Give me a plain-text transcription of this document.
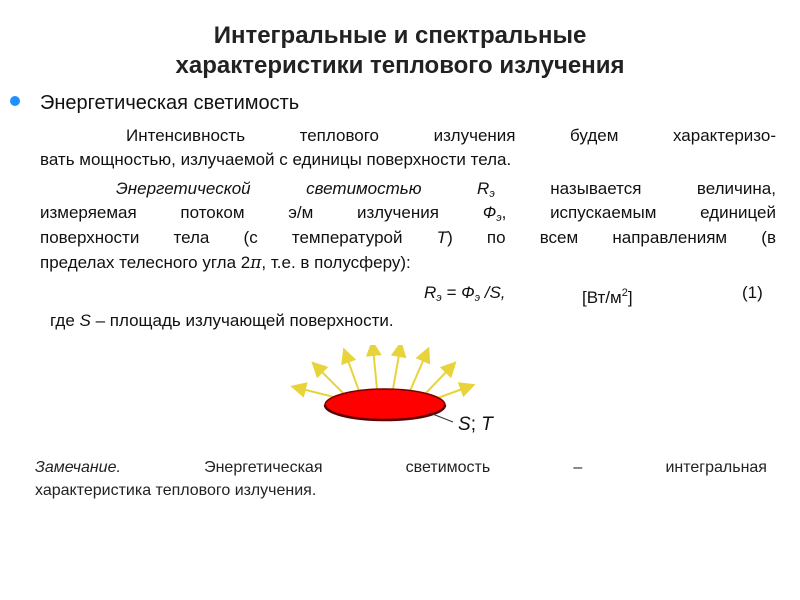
Интегральные и спектральные
характеристики теплового излучения
Энергетическая светимость
Интенсивность теплового излучения будем характеризо-
вать мощностью, излучаемой с единицы поверхности тела.
Энергетической светимостью	$R_э$	называется величина,
измеряемая потоком э/м излучения	$Ф_э$, испускаемым единицей
поверхности тела (с температурой T) по всем направлениям (в
пределах телесного угла 2π, т.е. в полусферу):
$R_э = Ф_э$ /S,	$[Вт/м^2]$	(1)
где S – площадь излучающей поверхности.
S; T
Замечание.	Энергетическая	светимость	–	интегральная
характеристика теплового излучения.
